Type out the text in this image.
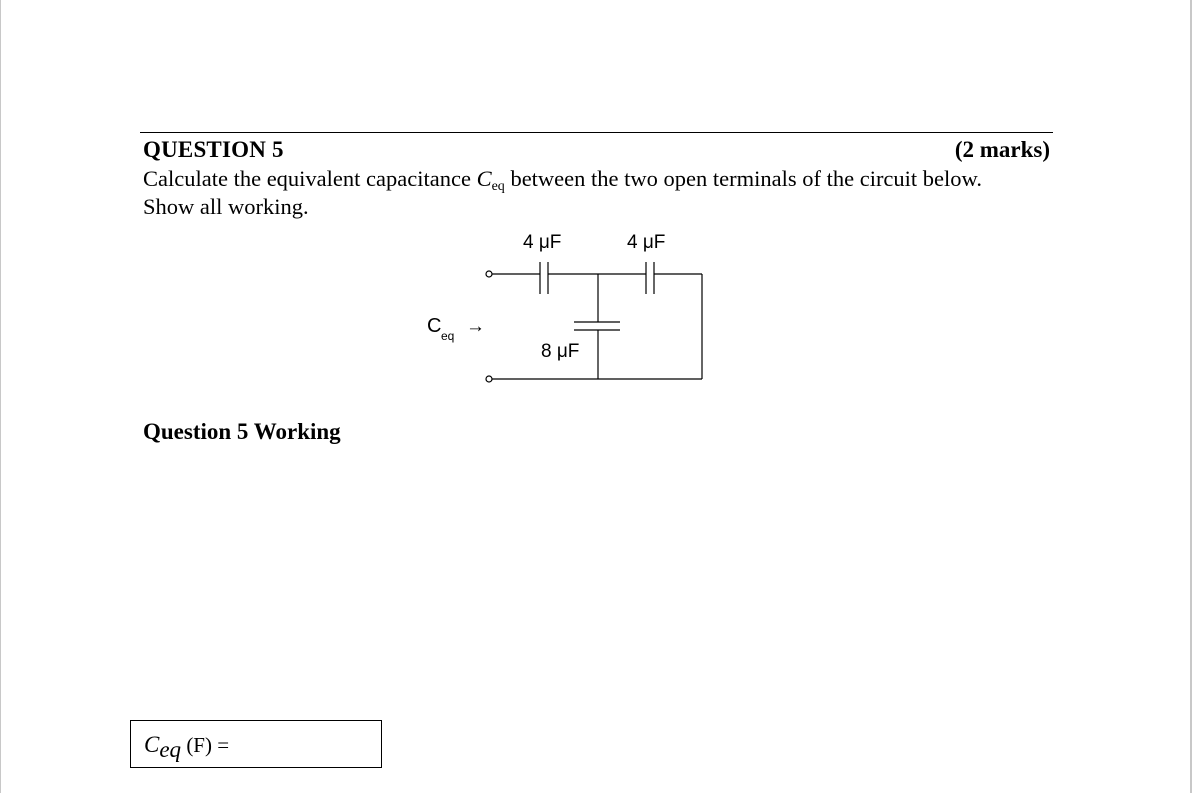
QUESTION 5	(2 marks)
Calculate the equivalent capacitance $C_{eq}$ between the two open terminals of the circuit below.
Show all working.
4 μF	4 μF
8 μF
C eq →
Question 5 Working
$C_{eq}$ (F) =
